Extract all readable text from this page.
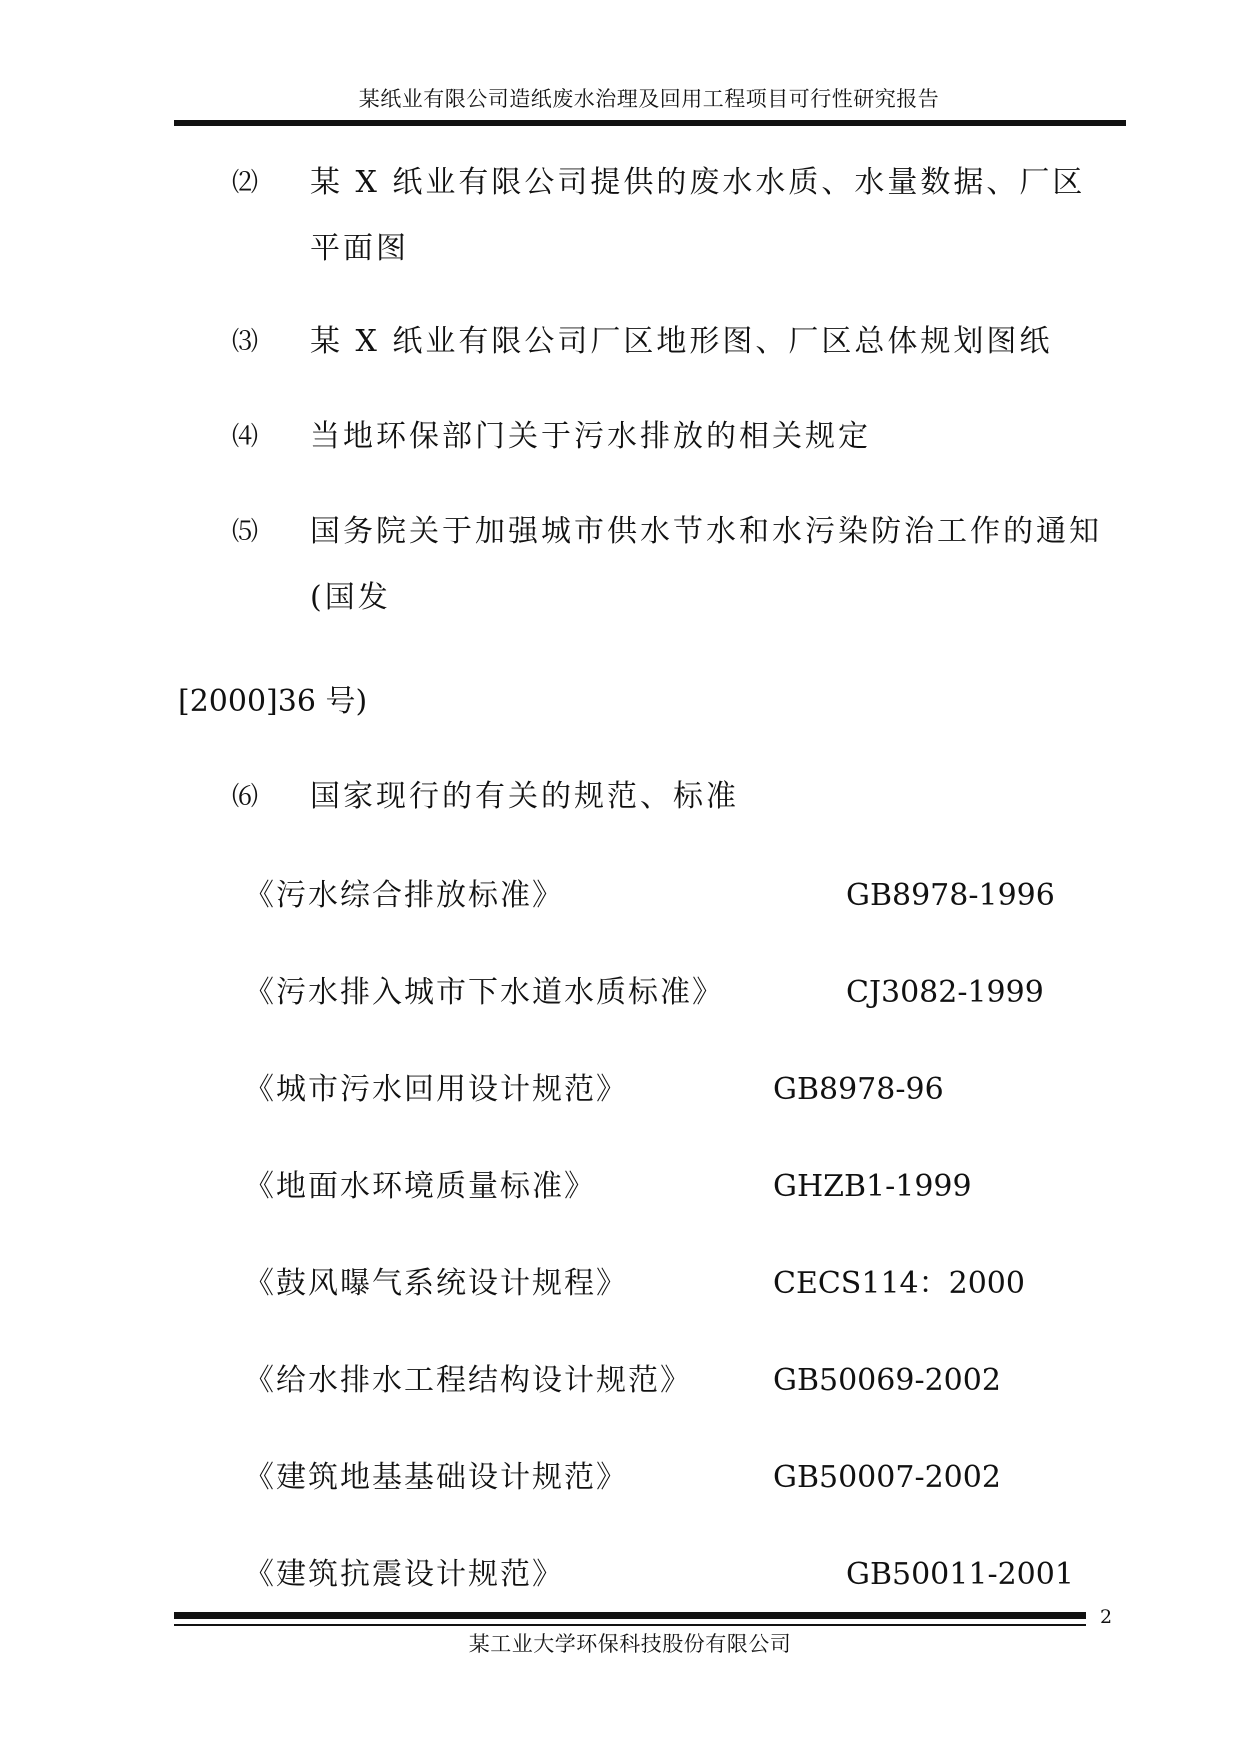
某纸业有限公司造纸废水治理及回用工程项目可行性研究报告
⑵	某 X 纸业有限公司提供的废水水质、水量数据、厂区平面图
⑶	某 X 纸业有限公司厂区地形图、厂区总体规划图纸
⑷	当地环保部门关于污水排放的相关规定
⑸	国务院关于加强城市供水节水和水污染防治工作的通知(国发
[2000]36 号)
⑹	国家现行的有关的规范、标准
《污水综合排放标准》	GB8978-1996
《污水排入城市下水道水质标准》	CJ3082-1999
《城市污水回用设计规范》	GB8978-96
《地面水环境质量标准》	GHZB1-1999
《鼓风曝气系统设计规程》	CECS114：2000
《给水排水工程结构设计规范》	GB50069-2002
《建筑地基基础设计规范》	GB50007-2002
《建筑抗震设计规范》	GB50011-2001
2
某工业大学环保科技股份有限公司
